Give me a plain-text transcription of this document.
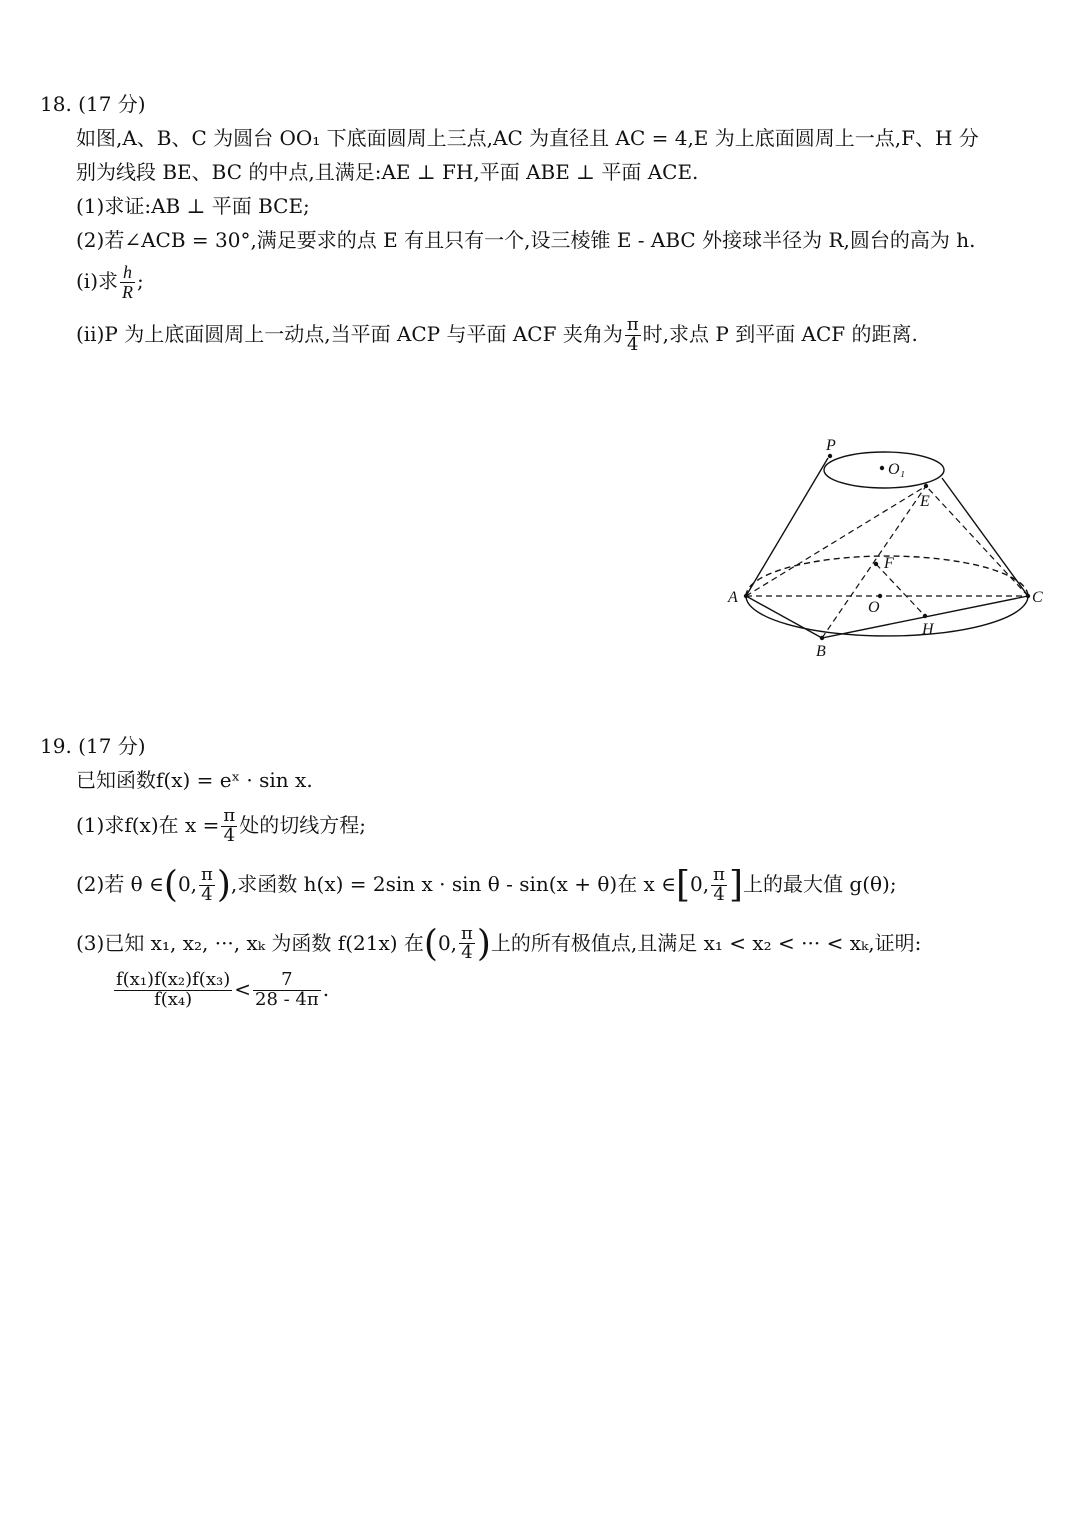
18. (17 分)
如图,A、B、C 为圆台 OO₁ 下底面圆周上三点,AC 为直径且 AC = 4,E 为上底面圆周上一点,F、H 分
别为线段 BE、BC 的中点,且满足:AE ⊥ FH,平面 ABE ⊥ 平面 ACE.
(1)求证:AB ⊥ 平面 BCE;
(2)若∠ACB = 30°,满足要求的点 E 有且只有一个,设三棱锥 E - ABC 外接球半径为 R,圆台的高为 h.
(ⅰ)求 $\frac{h}{R}$ ;
(ⅱ)P 为上底面圆周上一动点,当平面 ACP 与平面 ACF 夹角为 $\frac{\pi}{4}$ 时,求点 P 到平面 ACF 的距离.
P
O₁
E
F
A
O
C
H
B
19. (17 分)
已知函数f(x) = eˣ · sin x.
(1)求f(x)在 $x = \frac{\pi}{4}$ 处的切线方程;
(2)若 θ ∈(0, $\frac{\pi}{4}$ ),求函数 h(x) = 2sin x · sin θ - sin(x + θ)在 x ∈[0, $\frac{\pi}{4}$ ]上的最大值 g(θ);
(3)已知 x₁, x₂, ···, xₖ 为函数 f(21x) 在(0, $\frac{\pi}{4}$ )上的所有极值点,且满足 x₁ < x₂ < ··· < xₖ,证明:
$\frac{\text{f(x₁)f(x₂)f(x₃)}}{\text{f(x₄)}} < \frac{7}{28 - 4\pi}$ .
